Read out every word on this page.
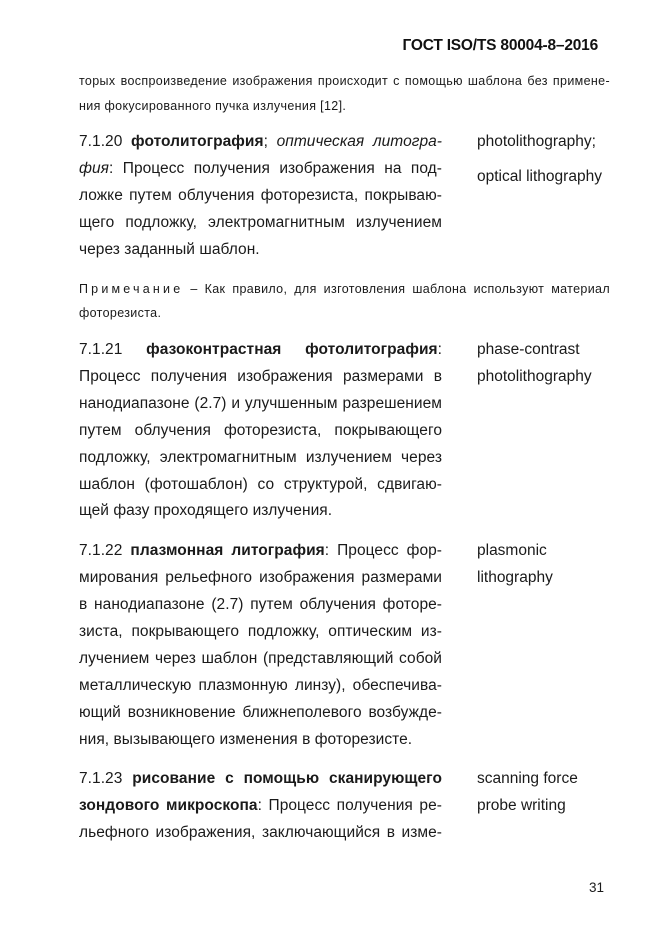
ГОСТ ISO/TS 80004-8–2016
торых воспроизведение изображения происходит с помощью шаблона без примене-
ния фокусированного пучка излучения [12].
7.1.20 фотолитография; оптическая литогра-
фия: Процесс получения изображения на под-
ложке путем облучения фоторезиста, покрываю-
щего подложку, электромагнитным излучением
через заданный шаблон.
photolithography;
optical lithography
Примечание – Как правило, для изготовления шаблона используют материал
фоторезиста.
7.1.21 фазоконтрастная фотолитография:
Процесс получения изображения размерами в
нанодиапазоне (2.7) и улучшенным разрешением
путем облучения фоторезиста, покрывающего
подложку, электромагнитным излучением через
шаблон (фотошаблон) со структурой, сдвигаю-
щей фазу проходящего излучения.
phase-contrast
photolithography
7.1.22 плазмонная литография: Процесс фор-
мирования рельефного изображения размерами
в нанодиапазоне (2.7) путем облучения фоторе-
зиста, покрывающего подложку, оптическим из-
лучением через шаблон (представляющий собой
металлическую плазмонную линзу), обеспечива-
ющий возникновение ближнеполевого возбужде-
ния, вызывающего изменения в фоторезисте.
plasmonic
lithography
7.1.23 рисование с помощью сканирующего
зондового микроскопа: Процесс получения ре-
льефного изображения, заключающийся в изме-
scanning force
probe writing
31
